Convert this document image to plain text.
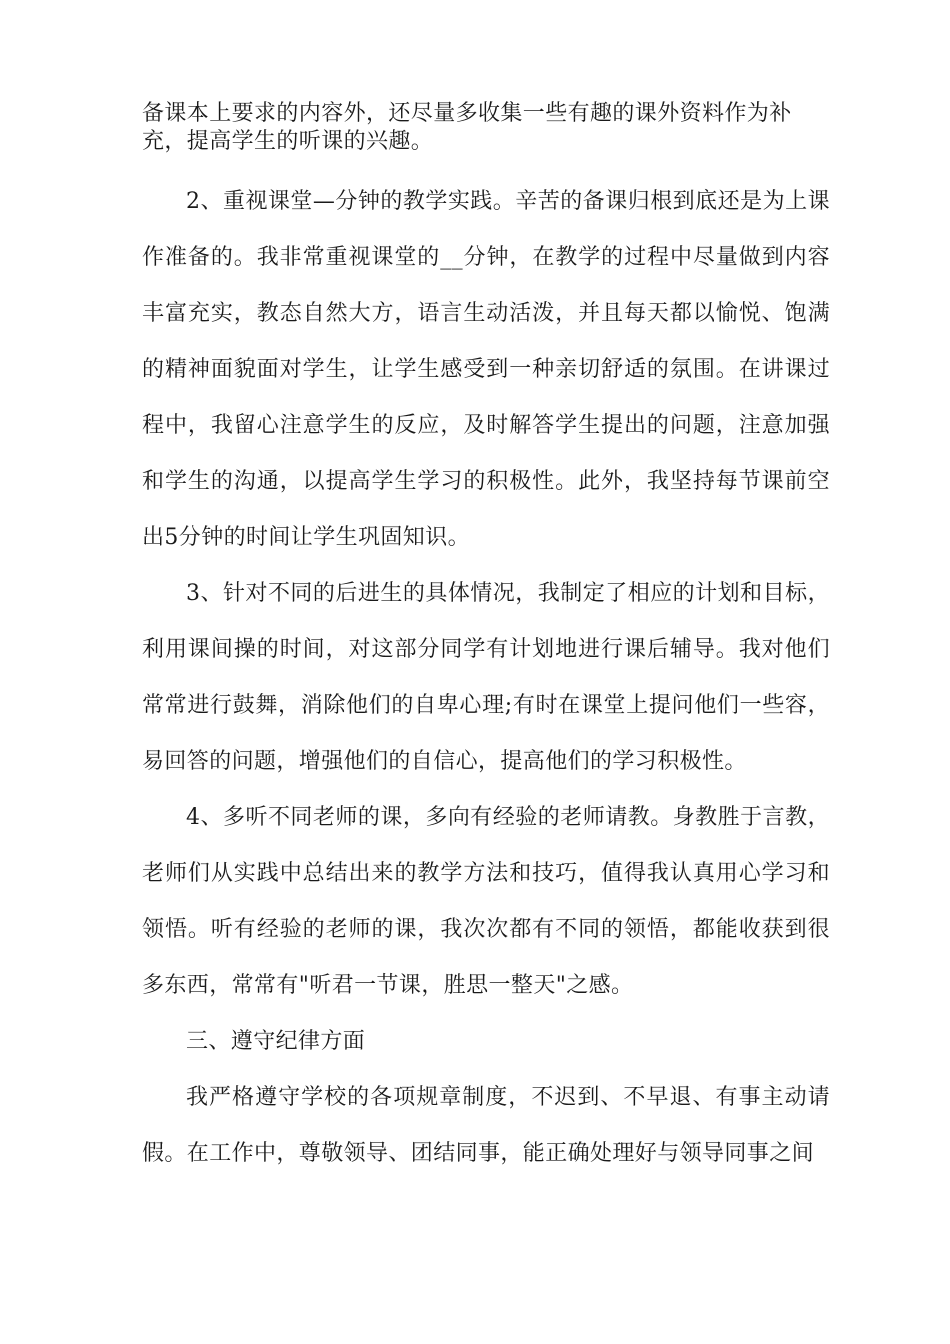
备课本上要求的内容外，还尽量多收集一些有趣的课外资料作为补
充，提高学生的听课的兴趣。

2、重视课堂—分钟的教学实践。辛苦的备课归根到底还是为上课作准备的。我非常重视课堂的__分钟，在教学的过程中尽量做到内容丰富充实，教态自然大方，语言生动活泼，并且每天都以愉悦、饱满的精神面貌面对学生，让学生感受到一种亲切舒适的氛围。在讲课过程中，我留心注意学生的反应，及时解答学生提出的问题，注意加强和学生的沟通，以提高学生学习的积极性。此外，我坚持每节课前空出5分钟的时间让学生巩固知识。

3、针对不同的后进生的具体情况，我制定了相应的计划和目标，利用课间操的时间，对这部分同学有计划地进行课后辅导。我对他们常常进行鼓舞，消除他们的自卑心理;有时在课堂上提问他们一些容，易回答的问题，增强他们的自信心，提高他们的学习积极性。

4、多听不同老师的课，多向有经验的老师请教。身教胜于言教，老师们从实践中总结出来的教学方法和技巧，值得我认真用心学习和领悟。听有经验的老师的课，我次次都有不同的领悟，都能收获到很多东西，常常有"听君一节课，胜思一整天"之感。

三、遵守纪律方面

我严格遵守学校的各项规章制度，不迟到、不早退、有事主动请假。在工作中，尊敬领导、团结同事，能正确处理好与领导同事之间
